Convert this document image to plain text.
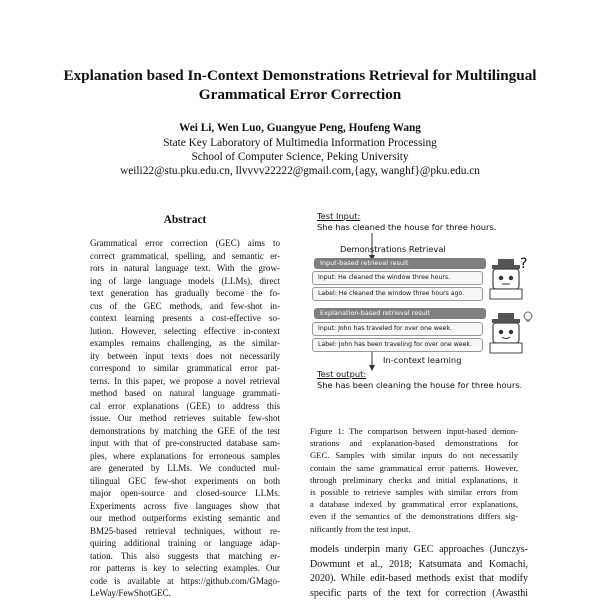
Explanation based In-Context Demonstrations Retrieval for Multilingual
Grammatical Error Correction
Wei Li, Wen Luo, Guangyue Peng, Houfeng Wang
State Key Laboratory of Multimedia Information Processing
School of Computer Science, Peking University
weili22@stu.pku.edu.cn, llvvvv22222@gmail.com,{agy, wanghf}@pku.edu.cn
Abstract
Grammatical error correction (GEC) aims to
correct grammatical, spelling, and semantic er-
rors in natural language text. With the grow-
ing of large language models (LLMs), direct
text generation has gradually become the fo-
cus of the GEC methods, and few-shot in-
context learning presents a cost-effective so-
lution. However, selecting effective in-context
examples remains challenging, as the similar-
ity between input texts does not necessarily
correspond to similar grammatical error pat-
terns. In this paper, we propose a novel retrieval
method based on natural language grammati-
cal error explanations (GEE) to address this
issue. Our method retrieves suitable few-shot
demonstrations by matching the GEE of the test
input with that of pre-constructed database sam-
ples, where explanations for erroneous samples
are generated by LLMs. We conducted mul-
tilingual GEC few-shot experiments on both
major open-source and closed-source LLMs.
Experiments across five languages show that
our method outperforms existing semantic and
BM25-based retrieval techniques, without re-
quiring additional training or language adap-
tation. This also suggests that matching er-
ror patterns is key to selecting examples. Our
code is available at https://github.com/GMago-
LeWay/FewShotGEC.
Test Input:
She has cleaned the house for three hours.
Demonstrations Retrieval
Input-based retrieval result
Input: He cleaned the window three hours.
Label: He cleaned the window three hours ago.
Explanation-based retrieval result
Input: John has traveled for over one week.
Label: John has been traveling for over one week.
?
In-context learning
Test output:
She has been cleaning the house for three hours.
Figure 1: The comparison between input-based demon-
strations and explanation-based demonstrations for
GEC. Samples with similar inputs do not necessarily
contain the same grammatical error patterns. However,
through preliminary checks and initial explanations, it
is possible to retrieve samples with similar errors from
a database indexed by grammatical error explanations,
even if the semantics of the demonstrations differs sig-
nificantly from the test input.
models underpin many GEC approaches (Junczys-
Dowmunt et al., 2018; Katsumata and Komachi,
2020). While edit-based methods exist that modify
specific parts of the text for correction (Awasthi
